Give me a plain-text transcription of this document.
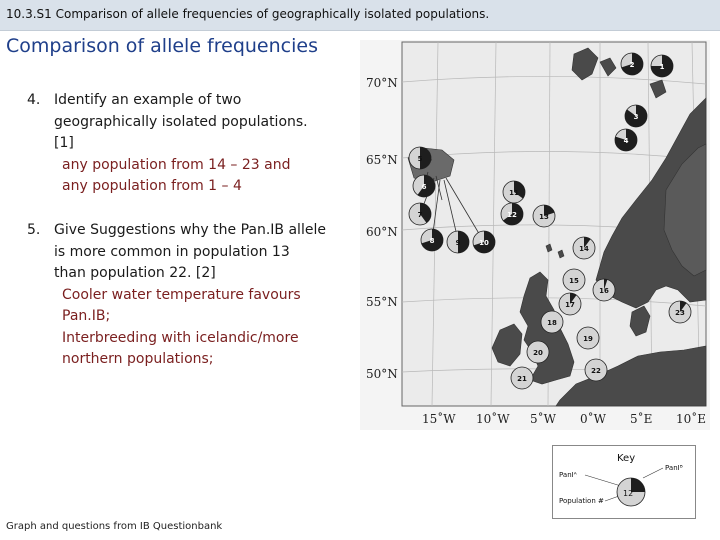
10.3.S1 Comparison of allele frequencies of geographically isolated populations.
Comparison of allele frequencies
4. Identify an example of two
geographically isolated populations.
[1]
any population from 14 – 23 and
any population from 1 – 4
5. Give Suggestions why the Pan.IB allele
is more common in population 13
than population 22. [2]
Cooler water temperature favours
Pan.IB;
Interbreeding with icelandic/more
northern populations;
Graph and questions from IB Questionbank
70°N
65°N
60°N
55°N
50°N
15˚W 10˚W 5˚W 0˚W 5˚E 10˚E
1
2
3
4
5
6
7
8	9	10
11
12	13
14
15
16
17
18
19
20
21
22
23
Key
PanIᴮ
PanIᴬ
Population #
12
